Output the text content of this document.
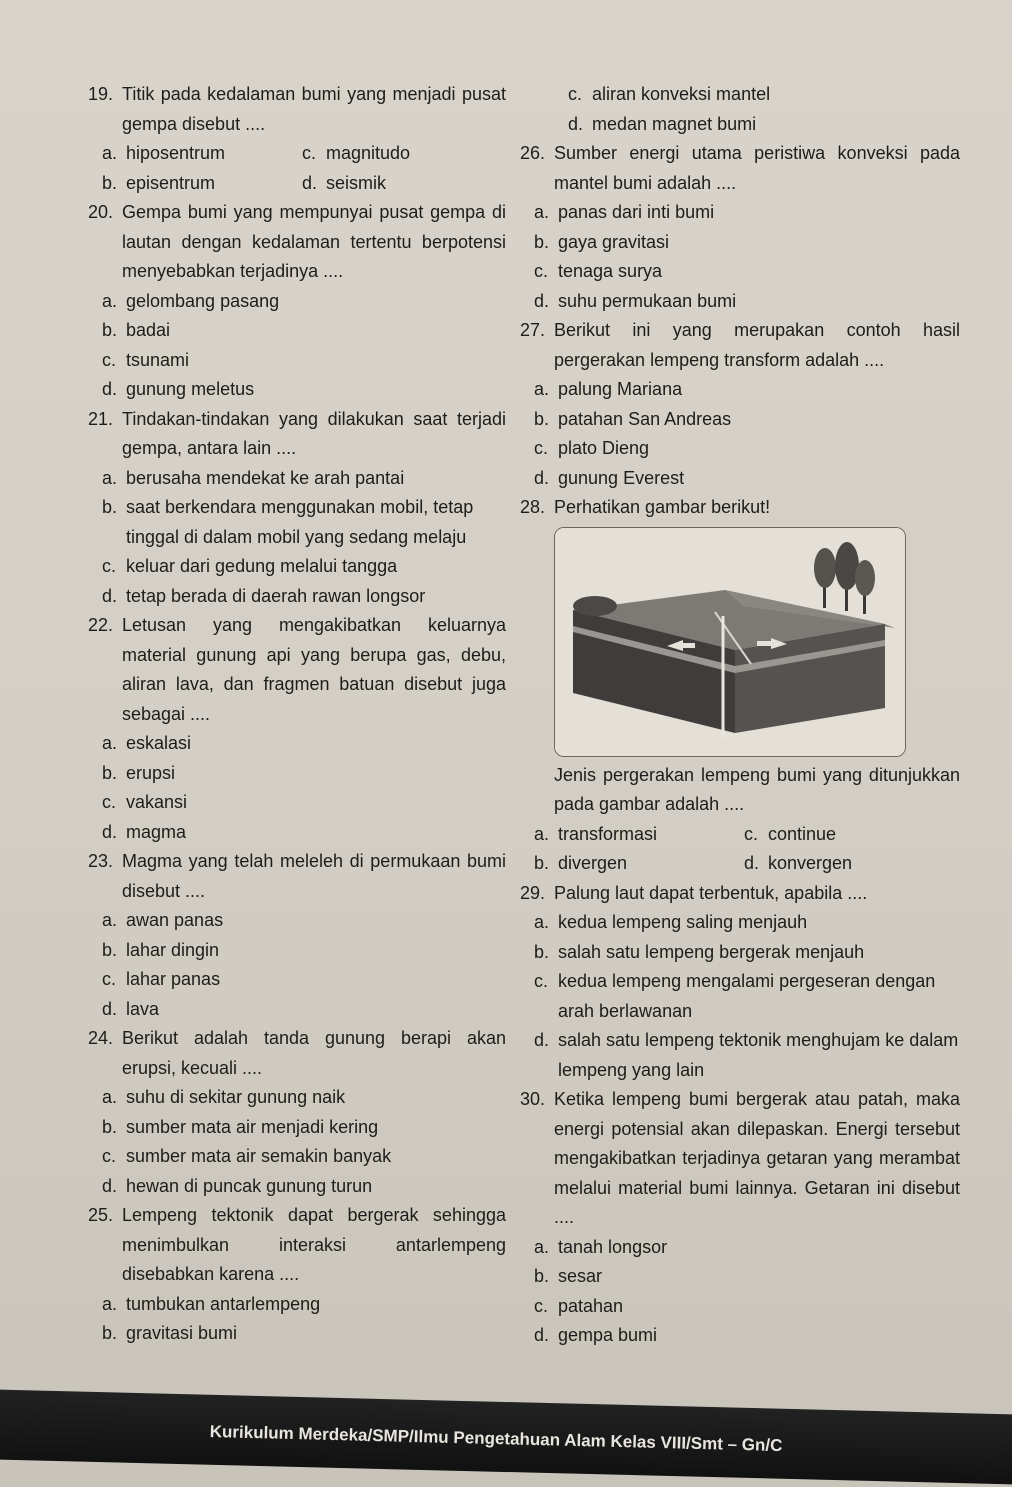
19. Titik pada kedalaman bumi yang menjadi pusat gempa disebut ....
a. hiposentrum	c. magnitudo
b. episentrum	d. seismik
20. Gempa bumi yang mempunyai pusat gempa di lautan dengan kedalaman tertentu berpotensi menyebabkan terjadinya ....
a. gelombang pasang
b. badai
c. tsunami
d. gunung meletus
21. Tindakan-tindakan yang dilakukan saat terjadi gempa, antara lain ....
a. berusaha mendekat ke arah pantai
b. saat berkendara menggunakan mobil, tetap tinggal di dalam mobil yang sedang melaju
c. keluar dari gedung melalui tangga
d. tetap berada di daerah rawan longsor
22. Letusan yang mengakibatkan keluarnya material gunung api yang berupa gas, debu, aliran lava, dan fragmen batuan disebut juga sebagai ....
a. eskalasi
b. erupsi
c. vakansi
d. magma
23. Magma yang telah meleleh di permukaan bumi disebut ....
a. awan panas
b. lahar dingin
c. lahar panas
d. lava
24. Berikut adalah tanda gunung berapi akan erupsi, kecuali ....
a. suhu di sekitar gunung naik
b. sumber mata air menjadi kering
c. sumber mata air semakin banyak
d. hewan di puncak gunung turun
25. Lempeng tektonik dapat bergerak sehingga menimbulkan interaksi antarlempeng disebabkan karena ....
a. tumbukan antarlempeng
b. gravitasi bumi
c. aliran konveksi mantel
d. medan magnet bumi
26. Sumber energi utama peristiwa konveksi pada mantel bumi adalah ....
a. panas dari inti bumi
b. gaya gravitasi
c. tenaga surya
d. suhu permukaan bumi
27. Berikut ini yang merupakan contoh hasil pergerakan lempeng transform adalah ....
a. palung Mariana
b. patahan San Andreas
c. plato Dieng
d. gunung Everest
28. Perhatikan gambar berikut!
Jenis pergerakan lempeng bumi yang ditunjukkan pada gambar adalah ....
a. transformasi	c. continue
b. divergen	d. konvergen
29. Palung laut dapat terbentuk, apabila ....
a. kedua lempeng saling menjauh
b. salah satu lempeng bergerak menjauh
c. kedua lempeng mengalami pergeseran dengan arah berlawanan
d. salah satu lempeng tektonik menghujam ke dalam lempeng yang lain
30. Ketika lempeng bumi bergerak atau patah, maka energi potensial akan dilepaskan. Energi tersebut mengakibatkan terjadinya getaran yang merambat melalui material bumi lainnya. Getaran ini disebut ....
a. tanah longsor
b. sesar
c. patahan
d. gempa bumi
Kurikulum Merdeka/SMP/Ilmu Pengetahuan Alam Kelas VIII/Smt – Gn/C
